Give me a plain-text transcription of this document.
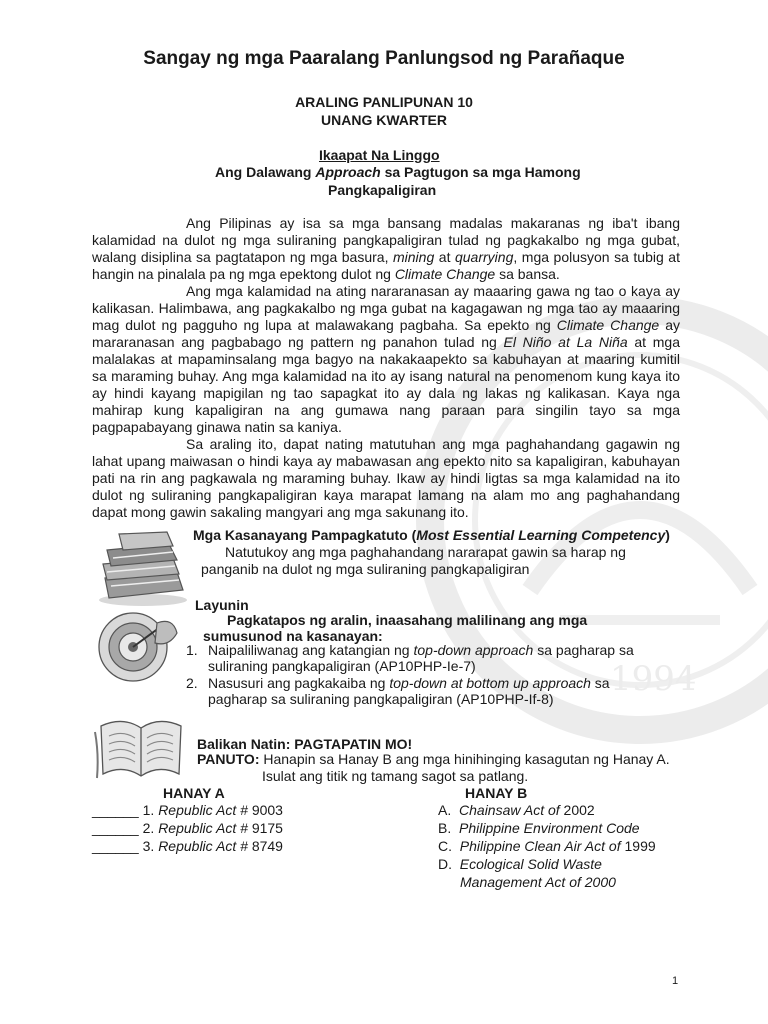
1994
Sangay ng mga Paaralang Panlungsod ng Parañaque
ARALING PANLIPUNAN 10
UNANG KWARTER
Ikaapat Na Linggo
Ang Dalawang Approach sa Pagtugon sa mga Hamong
Pangkapaligiran

Ang Pilipinas ay isa sa mga bansang madalas makaranas ng iba't ibang kalamidad na dulot ng mga suliraning pangkapaligiran tulad ng pagkakalbo ng mga gubat, walang disiplina sa pagtatapon ng mga basura, mining at quarrying, mga polusyon sa tubig at hangin na pinalala pa ng mga epektong dulot ng Climate Change sa bansa.

Ang mga kalamidad na ating nararanasan ay maaaring gawa ng tao o kaya ay kalikasan. Halimbawa, ang pagkakalbo ng mga gubat na kagagawan ng mga tao ay maaaring mag dulot ng pagguho ng lupa at malawakang pagbaha. Sa epekto ng Climate Change ay mararanasan ang pagbabago ng pattern ng panahon tulad ng El Niño at La Niña at mga malalakas at mapaminsalang mga bagyo na nakakaapekto sa kabuhayan at maaring kumitil sa maraming buhay. Ang mga kalamidad na ito ay isang natural na penomenom kung kaya ito ay hindi kayang mapigilan ng tao sapagkat ito ay dala ng lakas ng kalikasan. Kaya nga mahirap kung kapaligiran na ang gumawa nang paraan para singilin tayo sa mga pagpapabayang ginawa natin sa kaniya.

Sa araling ito, dapat nating matutuhan ang mga paghahandang gagawin ng lahat upang maiwasan o hindi kaya ay mabawasan ang epekto nito sa kapaligiran, kabuhayan pati na rin ang pagkawala ng maraming buhay. Ikaw ay hindi ligtas sa mga kalamidad na ito dulot ng suliraning pangkapaligiran kaya marapat lamang na alam mo ang paghahandang dapat mong gawin sakaling mangyari ang mga sakunang ito.

Mga Kasanayang Pampagkatuto (Most Essential Learning Competency)
Natutukoy ang mga paghahandang nararapat gawin sa harap ng
panganib na dulot ng mga suliraning pangkapaligiran
Layunin
Pagkatapos ng aralin, inaasahang malilinang ang mga
sumusunod na kasanayan:
1. Naipaliliwanag ang katangian ng top-down approach sa pagharap sa
suliraning pangkapaligiran (AP10PHP-Ie-7)
2. Nasusuri ang pagkakaiba ng top-down at bottom up approach sa
pagharap sa suliraning pangkapaligiran (AP10PHP-If-8)
Balikan Natin: PAGTAPATIN MO!
PANUTO: Hanapin sa Hanay B ang mga hinihinging kasagutan ng Hanay A.
Isulat ang titik ng tamang sagot sa patlang.
HANAY A	HANAY B
______ 1. Republic Act # 9003
______ 2. Republic Act # 9175
______ 3. Republic Act # 8749
A. Chainsaw Act of 2002
B. Philippine Environment Code
C. Philippine Clean Air Act of 1999
D. Ecological Solid Waste
Management Act of 2000
1
